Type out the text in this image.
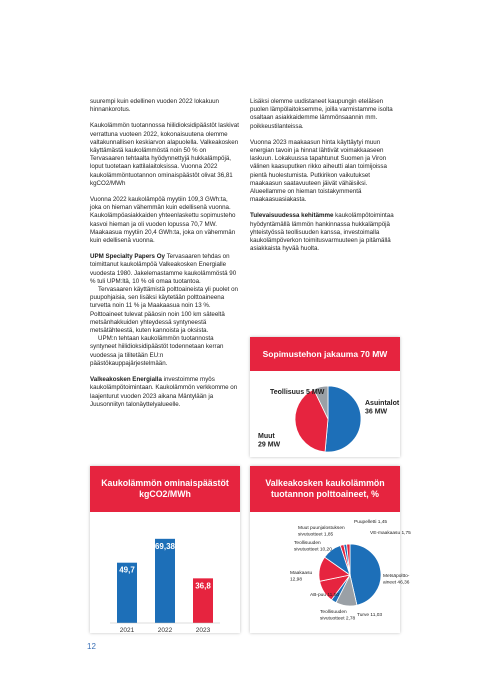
suurempi kuin edellinen vuoden 2022 lokakuun hinnankorotus.

Kaukolämmön tuotannossa hiilidioksidipäästöt laskivat verrattuna vuoteen 2022, kokonaisuutena olemme valtakunnallisen keskiarvon alapuolella. Valkeakosken käyttämästä kaukolämmöstä noin 50 % on Tervasaaren tehtaalta hyödynnettyjä hukkalämpöjä, loput tuotetaan kattilalaitoksissa. Vuonna 2022 kaukolämmöntuotannon ominaispäästöt olivat 36,81 kgCO2/MWh

Vuonna 2022 kaukolämpöä myytiin 109,3 GWh:ta, joka on hieman vähemmän kuin edellisenä vuonna. Kaukolämpöasiakkaiden yhteenlaskettu sopimusteho kasvoi hieman ja oli vuoden lopussa 70,7 MW. Maakaasua myytiin 20,4 GWh:ta, joka on vähemmän kuin edellisenä vuonna.

UPM Specialty Papers Oy Tervasaaren tehdas on toimittanut kaukolämpöä Valkeakosken Energialle vuodesta 1980. Jakelemastamme kaukolämmöstä 90 % tuli UPM:ltä, 10 % oli omaa tuotantoa.

Tervasaaren käyttämistä polttoaineista yli puolet on puupohjaisia, sen lisäksi käytetään polttoaineena turvetta noin 11 % ja Maakaasua noin 13 %. Polttoaineet tulevat pääosin noin 100 km säteeltä metsänhakkuiden yhteydessä syntyneestä metsätähteestä, kuten kannoista ja oksista.

UPM:n tehtaan kaukolämmön tuotannosta syntyneet hiilidioksidipäästöt todennetaan kerran vuodessa ja tilitetään EU:n päästökauppajärjestelmään.

Valkeakosken Energialla investoimme myös kaukolämpötoimintaan. Kaukolämmön verkkomme on laajenturut vuoden 2023 aikana Mäntylään ja Juusonniityn talonäyttelyalueelle.

Lisäksi olemme uudistaneet kaupungin eteläisen puolen lämpölaitoksemme, joilla varmistamme isolta osaltaan asiakkaidemme lämmönsaannin mm. poikkeustilanteissa.

Vuonna 2023 maakaasun hinta käyttäytyi muun energian tavoin ja hinnat lähtivät voimakkaaseen laskuun. Lokakuussa tapahtunut Suomen ja Viron välinen kaasuputken rikko aiheutti alan toimijoissa pientä huolestumista. Putkirikon vaikutukset maakaasun saatavuuteen jäivät vähäisiksi. Alueellamme on hieman toistakymmentä maakaasuasiakasta.

Tulevaisuudessa kehitämme kaukolämpötoimintaa hyödyntämällä lämmön hankinnassa hukkalämpöjä yhteistyössä teollisuuden kanssa, investoimalla kaukolämpöverkon toimitusvarmuuteen ja pitämällä asiakkaista hyvää huolta.

Sopimustehon jakauma 70 MW
Asuintalot
36 MW
Muut
29 MW
Teollisuus 5 MW
Kaukolämmön ominaispäästöt kgCO2/MWh
49,7
2021
69,38
2022
36,8
2023
Valkeakosken kaukolämmön tuotannon polttoaineet, %
Metsäpoltto-
aineet 46,36
Turve 11,03
Teollisuuden
sivutuotteet 2,78
AB-puu 11,50
Maakaasu
12,98
Teollisuuden
sivutuotteet 10,20
Muut puunjalostuksen
sivutuotteet 1,85
Puupelletti 1,45
VE-maakaasu 1,75
12
